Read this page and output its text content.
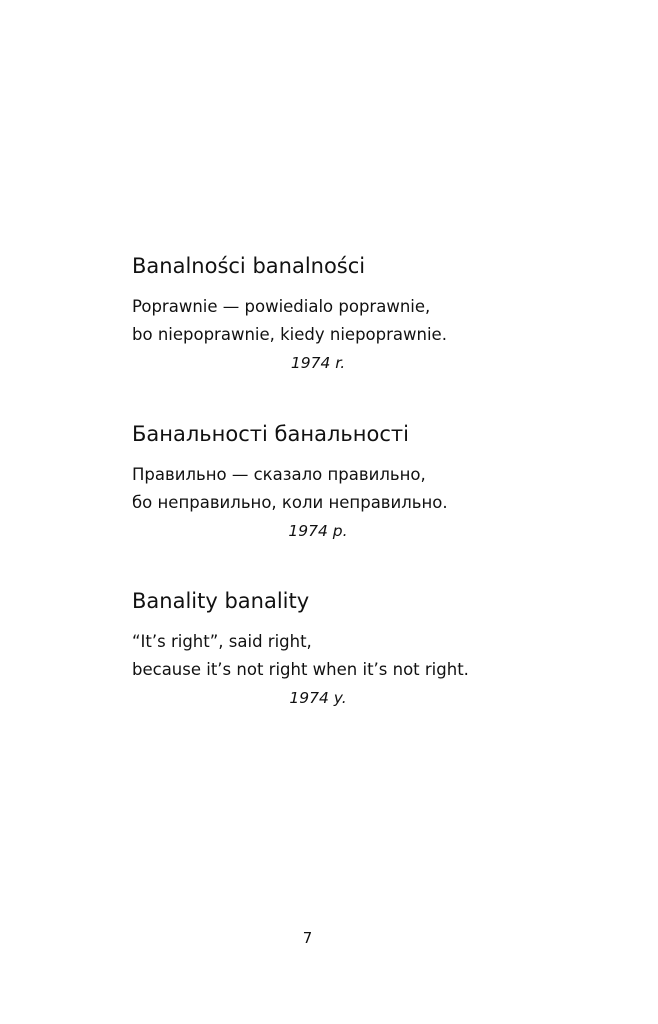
Banalności banalności
Poprawnie — powiedialo poprawnie,
bo niepoprawnie, kiedy niepoprawnie.
1974 r.
Банальності банальності
Правильно — сказало правильно,
бо неправильно, коли неправильно.
1974 р.
Banality banality
“It’s right”, said right,
because it’s not right when it’s not right.
1974 y.
7
